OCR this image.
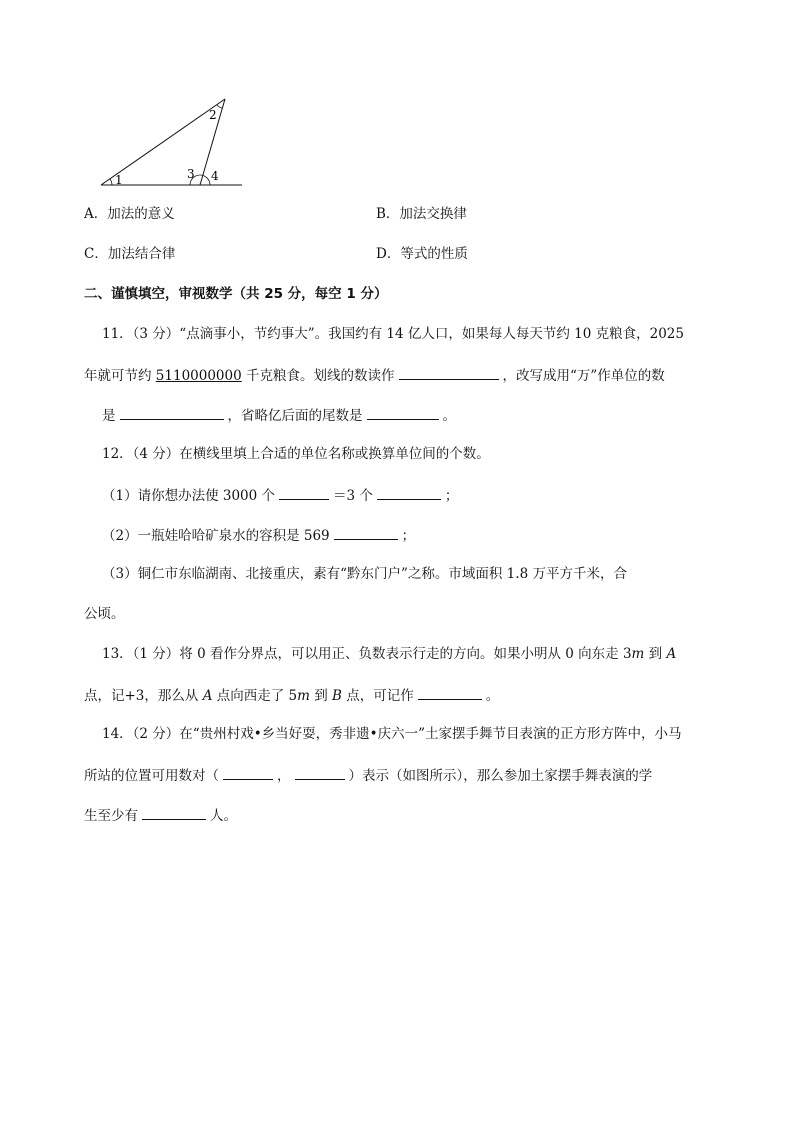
1
2
3 4
A．加法的意义	B．加法交换律
C．加法结合律	D．等式的性质
二、谨慎填空，审视数学（共 25 分，每空 1 分）
11．（3 分）“点滴事小，节约事大”。我国约有 14 亿人口，如果每人每天节约 10 克粮食，2025
年就可节约 5110000000 千克粮食。划线的数读作	，改写成用“万”作单位的数
是	，省略亿后面的尾数是	。
12．（4 分）在横线里填上合适的单位名称或换算单位间的个数。
（1）请你想办法使 3000 个	＝3 个	；
（2）一瓶娃哈哈矿泉水的容积是 569	；
（3）铜仁市东临湖南、北接重庆，素有“黔东门户”之称。市域面积 1.8 万平方千米，合
公顷。
13．（1 分）将 0 看作分界点，可以用正、负数表示行走的方向。如果小明从 0 向东走 3m 到 A
点，记+3，那么从 A 点向西走了 5m 到 B 点，可记作	。
14．（2 分）在“贵州村戏•乡当好耍，秀非遗•庆六一”土家摆手舞节目表演的正方形方阵中，小马
所站的位置可用数对（	，	）表示（如图所示），那么参加土家摆手舞表演的学
生至少有	人。
